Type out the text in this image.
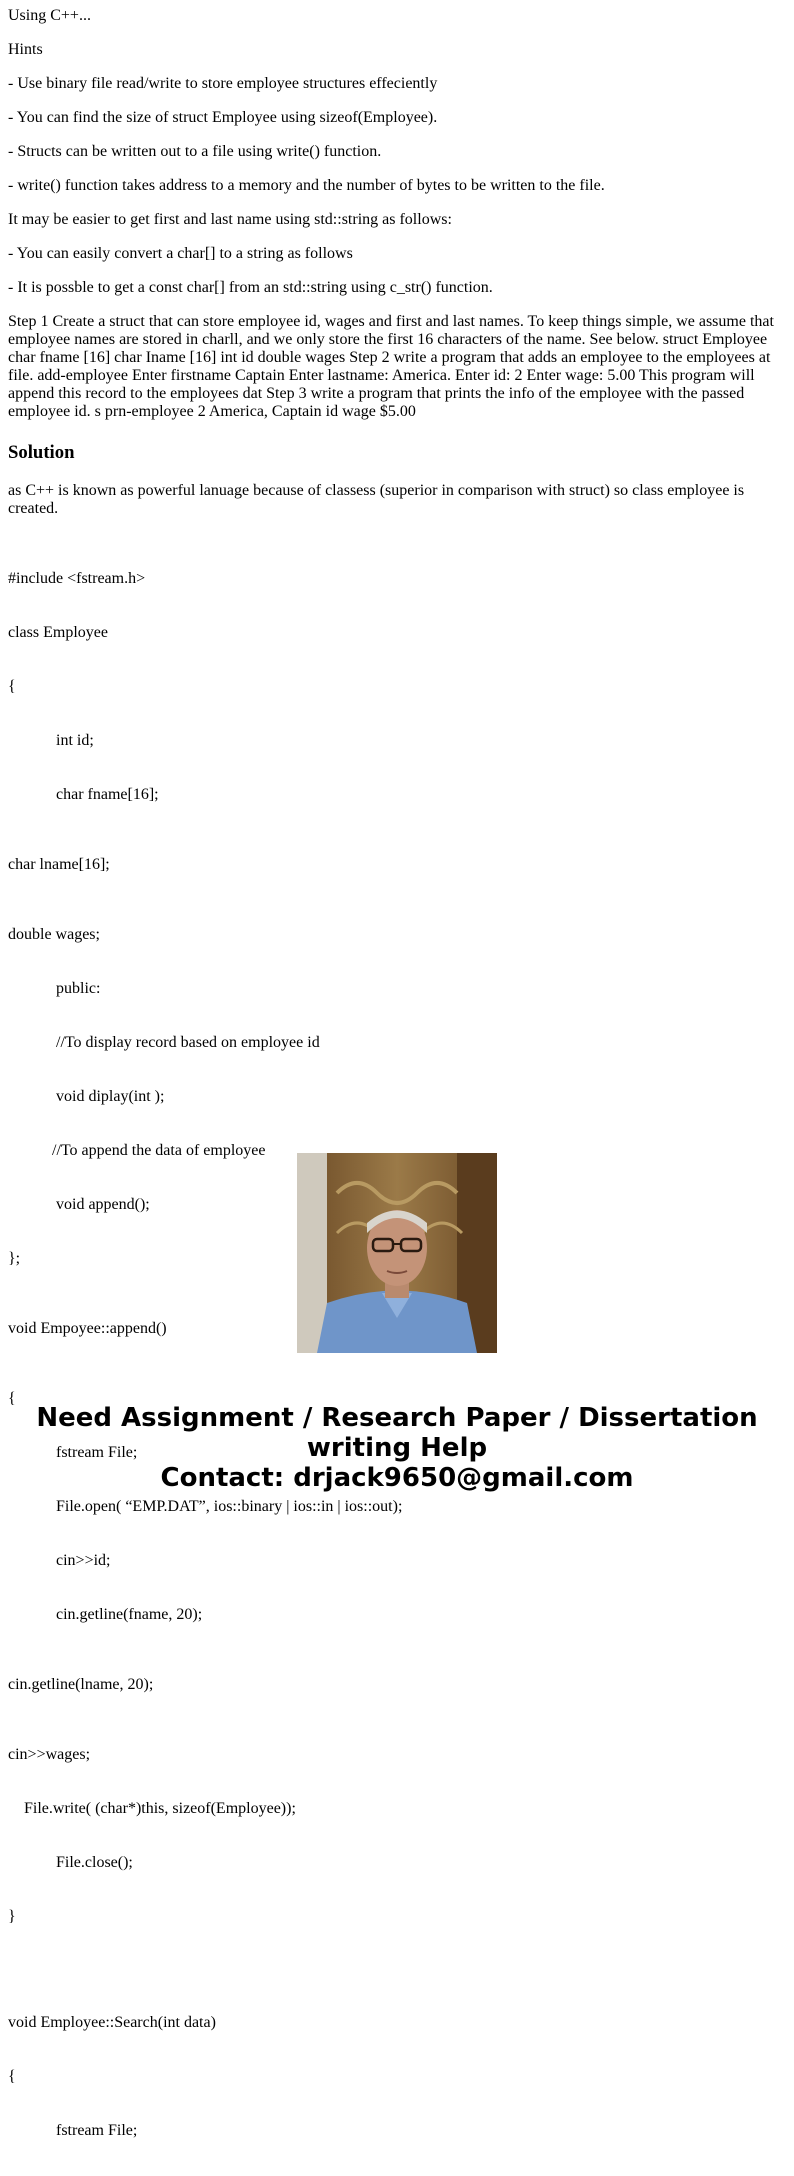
Using C++...

Hints

- Use binary file read/write to store employee structures effeciently

- You can find the size of struct Employee using sizeof(Employee).

- Structs can be written out to a file using write() function.

- write() function takes address to a memory and the number of bytes to be written to the file.

It may be easier to get first and last name using std::string as follows:

- You can easily convert a char[] to a string as follows

- It is possble to get a const char[] from an std::string using c_str() function.

Step 1 Create a struct that can store employee id, wages and first and last names. To keep things simple, we assume that employee names are stored in charll, and we only store the first 16 characters of the name. See below. struct Employee char fname [16] char Iname [16] int id double wages Step 2 write a program that adds an employee to the employees at file. add-employee Enter firstname Captain Enter lastname: America. Enter id: 2 Enter wage: 5.00 This program will append this record to the employees dat Step 3 write a program that prints the info of the employee with the passed employee id. s prn-employee 2 America, Captain id wage $5.00

Solution

as C++ is known as powerful lanuage because of classess (superior in comparison with struct) so class employee is created.

#include <fstream.h>

class Employee

{

int id;

char fname[16];

char lname[16];

double wages;

public:

//To display record based on employee id

void diplay(int );

//To append the data of employee

void append();

};

void Empoyee::append()

{

fstream File;

File.open( “EMP.DAT”, ios::binary | ios::in | ios::out);

cin>>id;

cin.getline(fname, 20);

cin.getline(lname, 20);

cin>>wages;

File.write( (char*)this, sizeof(Employee));

File.close();

}

void Employee::Search(int data)

{

fstream File;

Need Assignment / Research Paper / Dissertation
writing Help
Contact: drjack9650@gmail.com
